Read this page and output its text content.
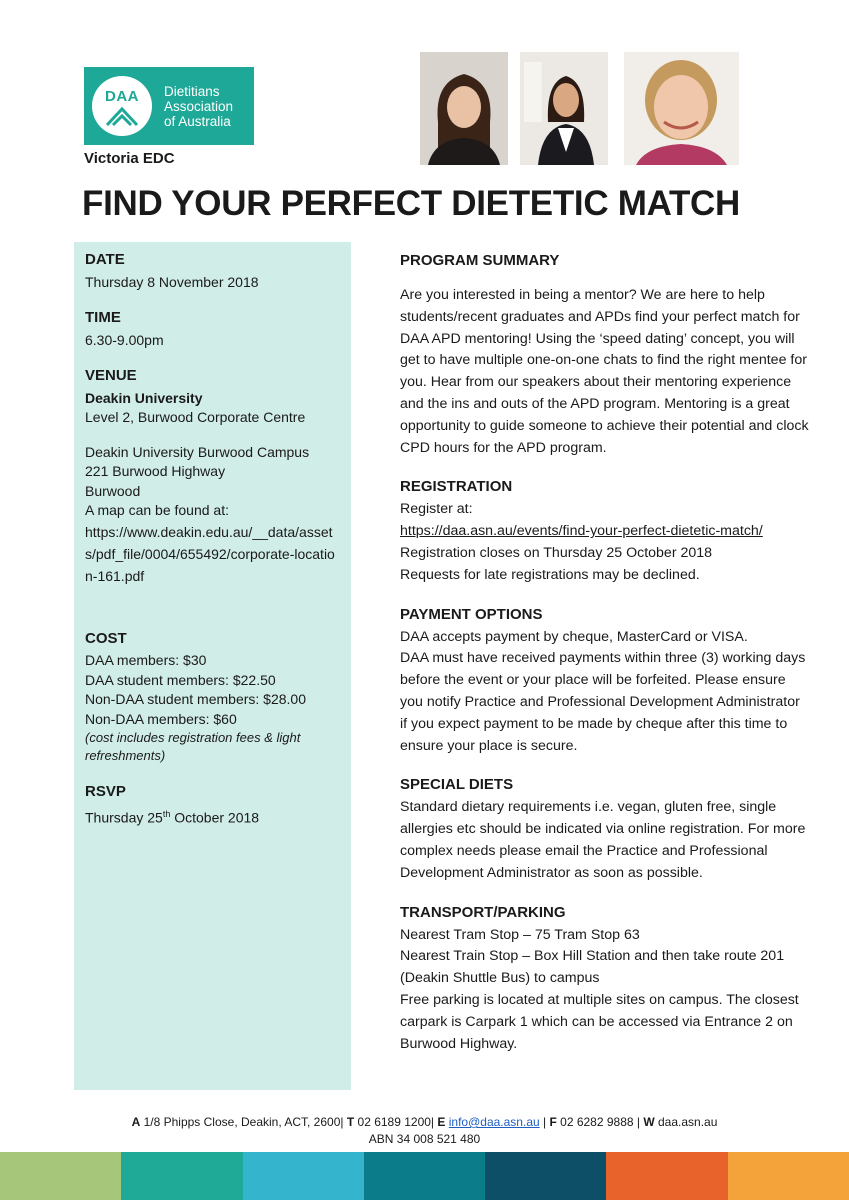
DAA Dietitians
Association
of Australia
Victoria EDC
FIND YOUR PERFECT DIETETIC MATCH
DATE

Thursday 8 November 2018

TIME

6.30-9.00pm

VENUE

Deakin University

Level 2, Burwood Corporate Centre

Deakin University Burwood Campus

221 Burwood Highway

Burwood

A map can be found at:

https://www.deakin.edu.au/__data/assets/pdf_file/0004/655492/corporate-location-161.pdf

COST

DAA members: $30

DAA student members: $22.50

Non-DAA student members: $28.00

Non-DAA members: $60

(cost includes registration fees & light refreshments)

RSVP

Thursday 25th October 2018

PROGRAM SUMMARY

Are you interested in being a mentor? We are here to help students/recent graduates and APDs find your perfect match for DAA APD mentoring! Using the ‘speed dating’ concept, you will get to have multiple one-on-one chats to find the right mentee for you. Hear from our speakers about their mentoring experience and the ins and outs of the APD program. Mentoring is a great opportunity to guide someone to achieve their potential and clock CPD hours for the APD program.

REGISTRATION

Register at:

https://daa.asn.au/events/find-your-perfect-dietetic-match/

Registration closes on Thursday 25 October 2018

Requests for late registrations may be declined.

PAYMENT OPTIONS

DAA accepts payment by cheque, MasterCard or VISA.

DAA must have received payments within three (3) working days before the event or your place will be forfeited. Please ensure you notify Practice and Professional Development Administrator if you expect payment to be made by cheque after this time to ensure your place is secure.

SPECIAL DIETS

Standard dietary requirements i.e. vegan, gluten free, single allergies etc should be indicated via online registration. For more complex needs please email the Practice and Professional Development Administrator as soon as possible.

TRANSPORT/PARKING

Nearest Tram Stop – 75 Tram Stop 63

Nearest Train Stop – Box Hill Station and then take route 201 (Deakin Shuttle Bus) to campus

Free parking is located at multiple sites on campus. The closest carpark is Carpark 1 which can be accessed via Entrance 2 on Burwood Highway.

A 1/8 Phipps Close, Deakin, ACT, 2600| T 02 6189 1200| E info@daa.asn.au | F 02 6282 9888 | W daa.asn.au
ABN 34 008 521 480
